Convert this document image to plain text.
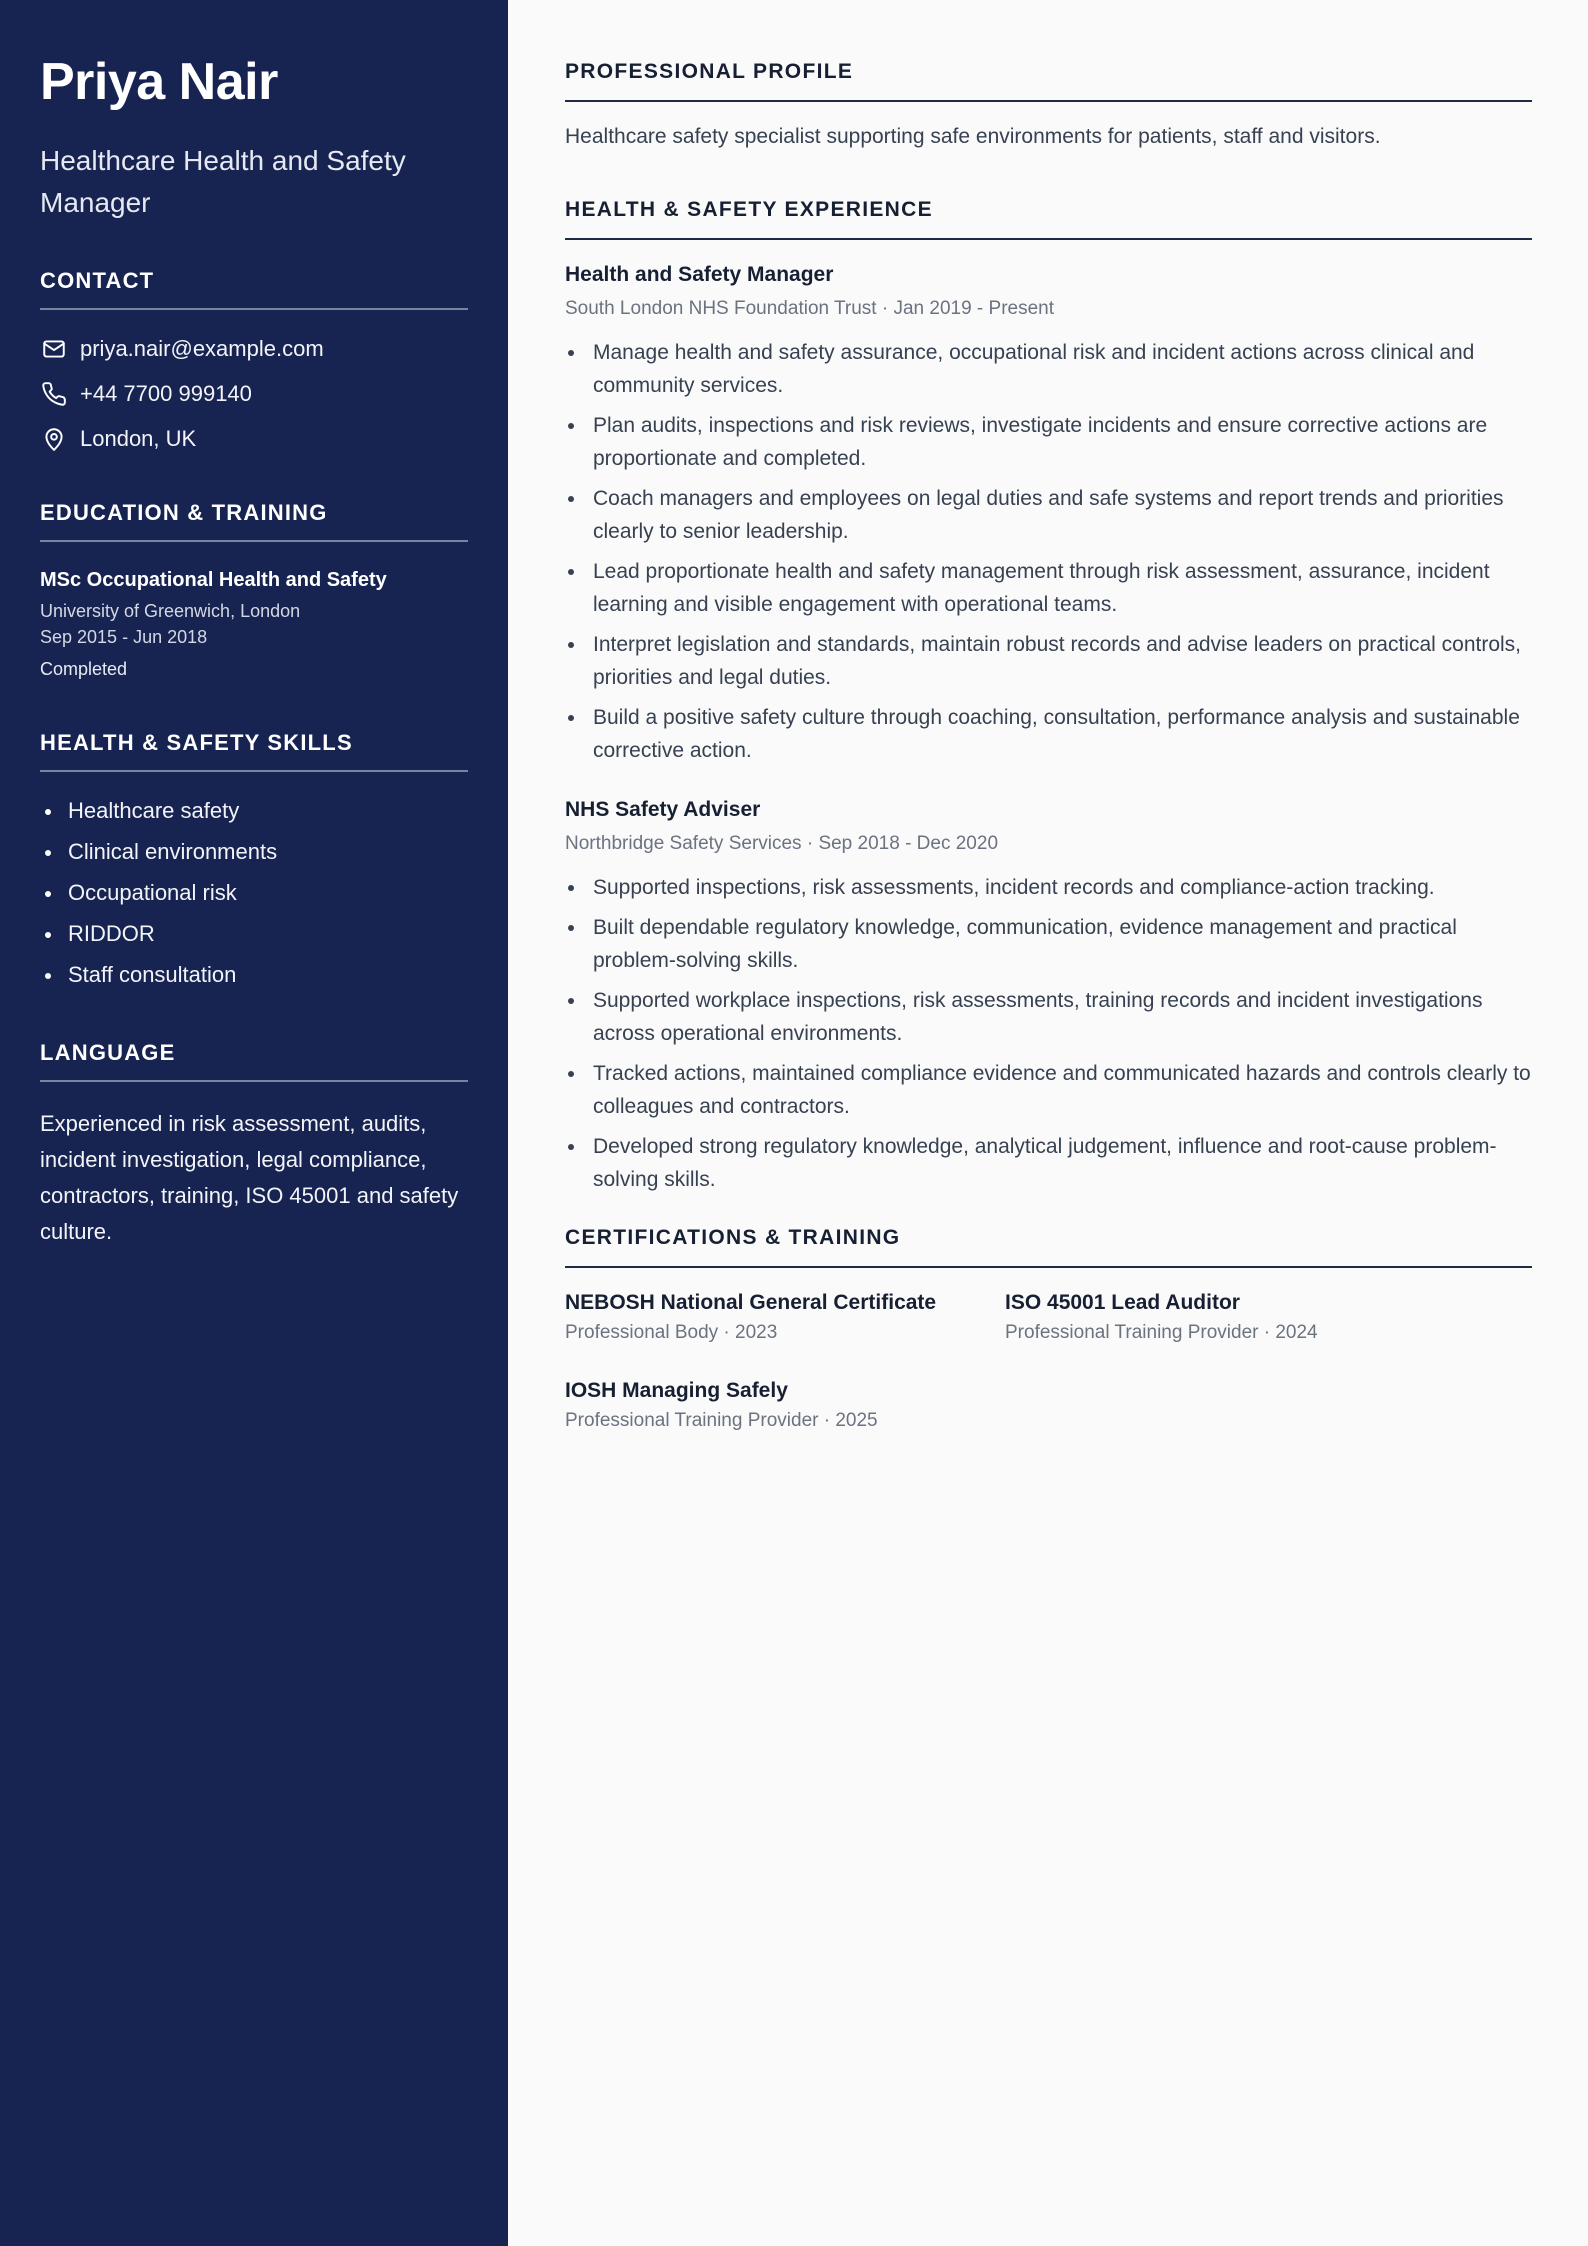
Priya Nair
Healthcare Health and Safety Manager
CONTACT
priya.nair@example.com
+44 7700 999140
London, UK
EDUCATION & TRAINING
MSc Occupational Health and Safety
University of Greenwich, London
Sep 2015 - Jun 2018
Completed
HEALTH & SAFETY SKILLS
Healthcare safety
Clinical environments
Occupational risk
RIDDOR
Staff consultation
LANGUAGE

Experienced in risk assessment, audits, incident investigation, legal compliance, contractors, training, ISO 45001 and safety culture.

PROFESSIONAL PROFILE

Healthcare safety specialist supporting safe environments for patients, staff and visitors.

HEALTH & SAFETY EXPERIENCE
Health and Safety Manager
South London NHS Foundation Trust · Jan 2019 - Present
Manage health and safety assurance, occupational risk and incident actions across clinical and community services.
Plan audits, inspections and risk reviews, investigate incidents and ensure corrective actions are proportionate and completed.
Coach managers and employees on legal duties and safe systems and report trends and priorities clearly to senior leadership.
Lead proportionate health and safety management through risk assessment, assurance, incident learning and visible engagement with operational teams.
Interpret legislation and standards, maintain robust records and advise leaders on practical controls, priorities and legal duties.
Build a positive safety culture through coaching, consultation, performance analysis and sustainable corrective action.
NHS Safety Adviser
Northbridge Safety Services · Sep 2018 - Dec 2020
Supported inspections, risk assessments, incident records and compliance-action tracking.
Built dependable regulatory knowledge, communication, evidence management and practical problem-solving skills.
Supported workplace inspections, risk assessments, training records and incident investigations across operational environments.
Tracked actions, maintained compliance evidence and communicated hazards and controls clearly to colleagues and contractors.
Developed strong regulatory knowledge, analytical judgement, influence and root-cause problem-solving skills.
CERTIFICATIONS & TRAINING
NEBOSH National General Certificate
Professional Body · 2023
ISO 45001 Lead Auditor
Professional Training Provider · 2024
IOSH Managing Safely
Professional Training Provider · 2025
